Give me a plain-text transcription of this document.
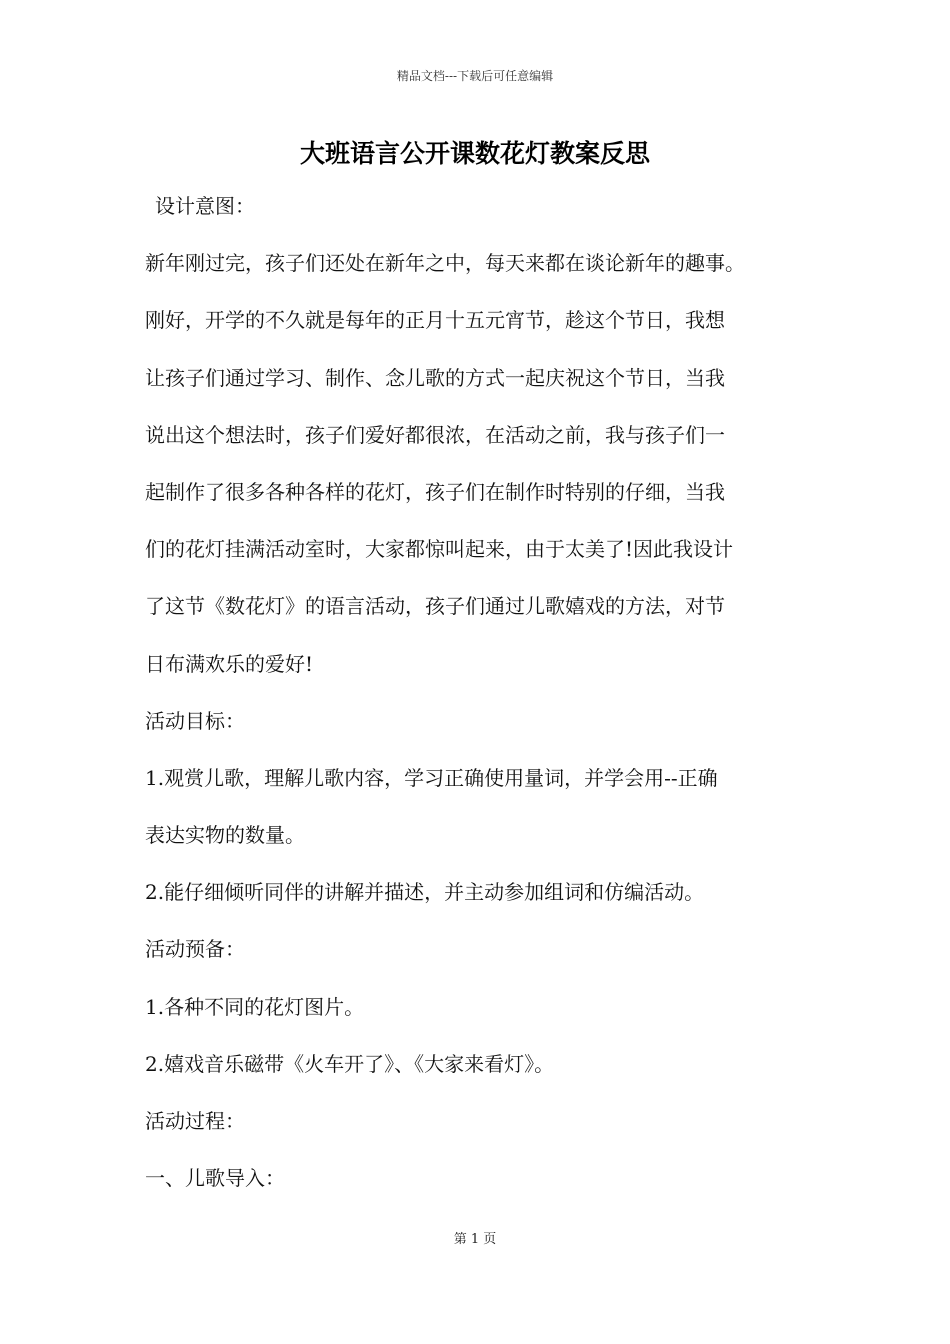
精品文档---下载后可任意编辑
大班语言公开课数花灯教案反思
设计意图：
新年刚过完，孩子们还处在新年之中，每天来都在谈论新年的趣事。
刚好，开学的不久就是每年的正月十五元宵节，趁这个节日，我想
让孩子们通过学习、制作、念儿歌的方式一起庆祝这个节日，当我
说出这个想法时，孩子们爱好都很浓，在活动之前，我与孩子们一
起制作了很多各种各样的花灯，孩子们在制作时特别的仔细，当我
们的花灯挂满活动室时，大家都惊叫起来，由于太美了!因此我设计
了这节《数花灯》的语言活动，孩子们通过儿歌嬉戏的方法，对节
日布满欢乐的爱好!
活动目标：
1.观赏儿歌，理解儿歌内容，学习正确使用量词，并学会用--正确
表达实物的数量。
2.能仔细倾听同伴的讲解并描述，并主动参加组词和仿编活动。
活动预备：
1.各种不同的花灯图片。
2.嬉戏音乐磁带《火车开了》、《大家来看灯》。
活动过程：
一、儿歌导入：
第 1 页
